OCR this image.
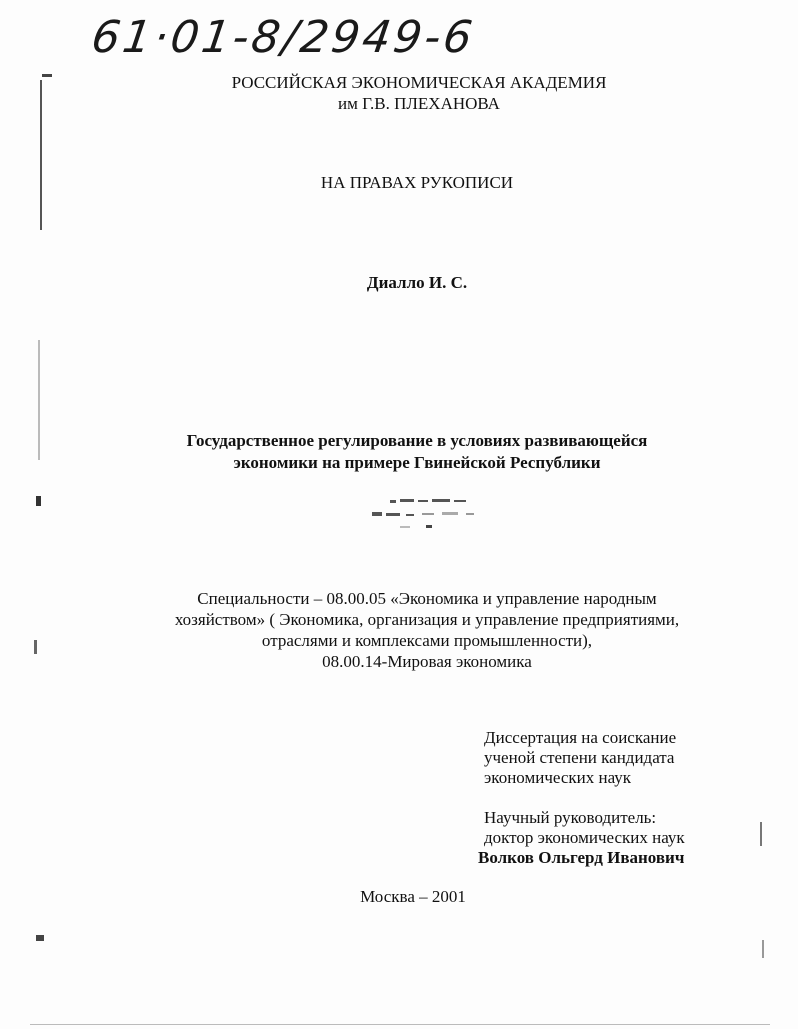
61·01-8/2949-6
РОССИЙСКАЯ ЭКОНОМИЧЕСКАЯ АКАДЕМИЯ
им Г.В. ПЛЕХАНОВА
НА ПРАВАХ РУКОПИСИ
Диалло И. С.
Государственное регулирование в условиях развивающейся
экономики на примере Гвинейской Республики
Специальности – 08.00.05 «Экономика и управление народным
хозяйством» ( Экономика, организация и управление предприятиями,
отраслями и комплексами промышленности),
08.00.14-Мировая экономика
Диссертация на соискание
ученой степени кандидата
экономических наук
Научный руководитель:
доктор экономических наук
Волков Ольгерд Иванович
Москва – 2001
